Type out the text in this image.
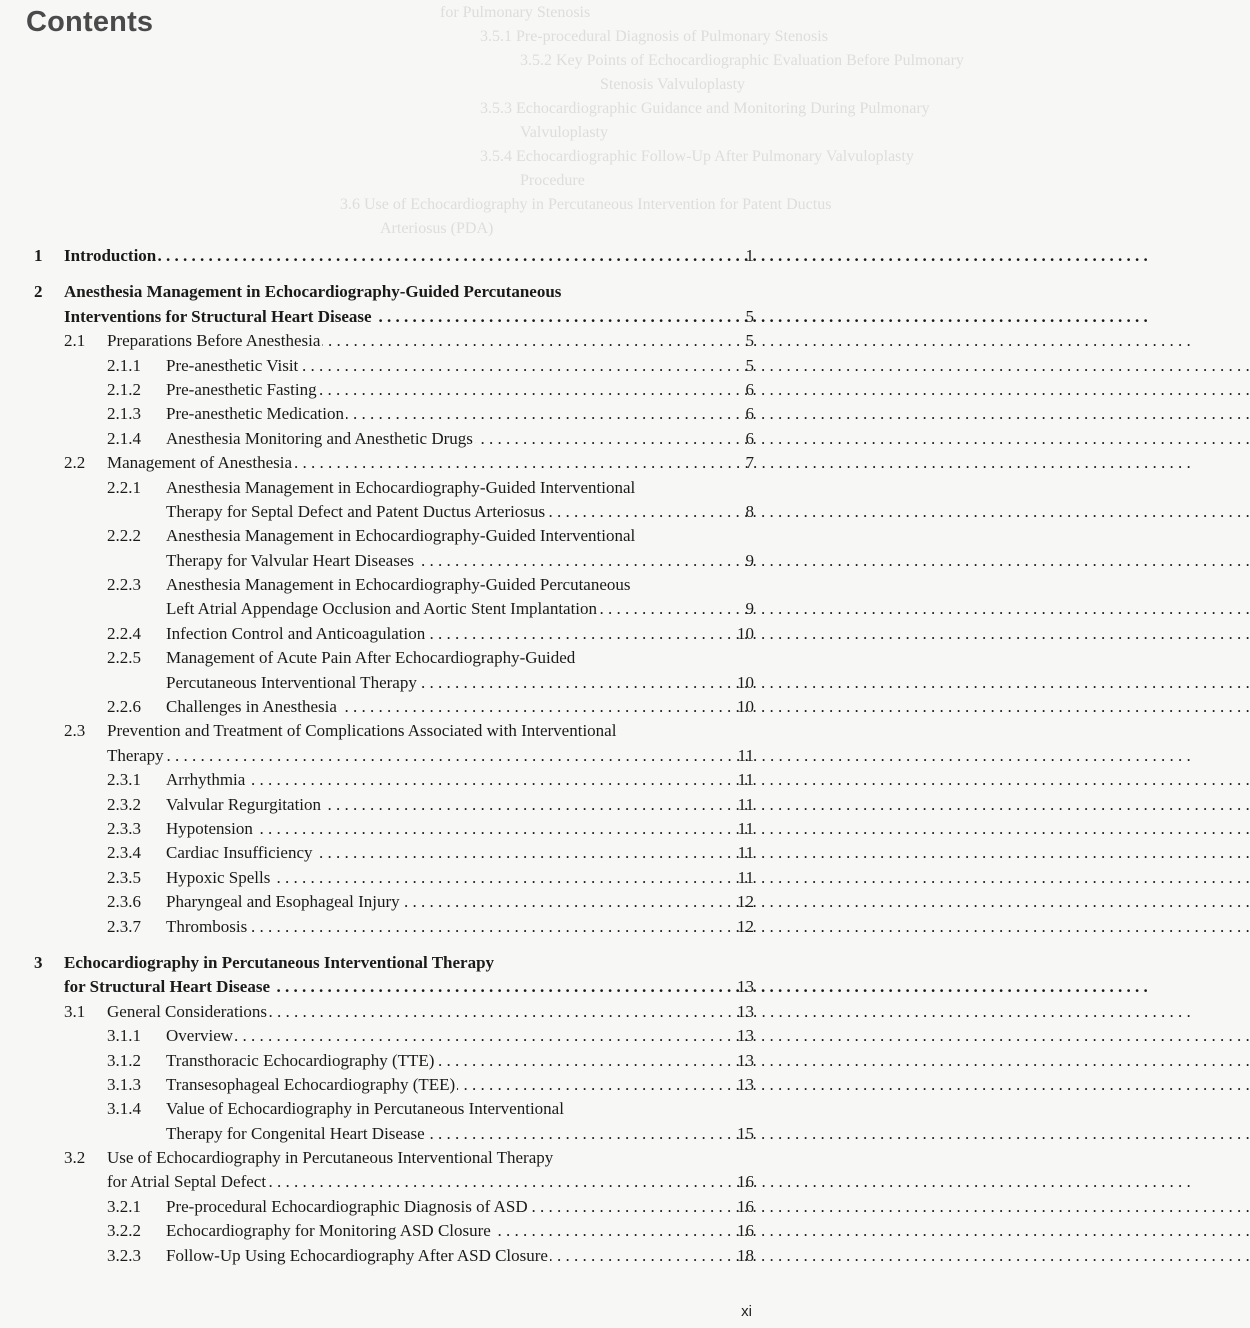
Contents	for Pulmonary Stenosis
3.5.1 Pre-procedural Diagnosis of Pulmonary Stenosis
3.5.2 Key Points of Echocardiographic Evaluation Before Pulmonary
Stenosis Valvuloplasty
3.5.3 Echocardiographic Guidance and Monitoring During Pulmonary
Valvuloplasty
3.5.4 Echocardiographic Follow-Up After Pulmonary Valvuloplasty
Procedure
3.6 Use of Echocardiography in Percutaneous Intervention for Patent Ductus
Arteriosus (PDA)
1 Introduction . . .	1
2 Anesthesia Management in Echocardiography-Guided Percutaneous
Interventions for Structural Heart Disease . . .	5
2.1 Preparations Before Anesthesia . . .	5
2.1.1 Pre-anesthetic Visit . . .	5
2.1.2 Pre-anesthetic Fasting . . .	6
2.1.3 Pre-anesthetic Medication . . .	6
2.1.4 Anesthesia Monitoring and Anesthetic Drugs . . .	6
2.2 Management of Anesthesia . . .	7
2.2.1 Anesthesia Management in Echocardiography-Guided Interventional
Therapy for Septal Defect and Patent Ductus Arteriosus . . .	8
2.2.2 Anesthesia Management in Echocardiography-Guided Interventional
Therapy for Valvular Heart Diseases . . .	9
2.2.3 Anesthesia Management in Echocardiography-Guided Percutaneous
Left Atrial Appendage Occlusion and Aortic Stent Implantation . . .	9
2.2.4 Infection Control and Anticoagulation . . .	10
2.2.5 Management of Acute Pain After Echocardiography-Guided
Percutaneous Interventional Therapy . . .	10
2.2.6 Challenges in Anesthesia . . .	10
2.3 Prevention and Treatment of Complications Associated with Interventional
Therapy . . .	11
2.3.1 Arrhythmia . . .	11
2.3.2 Valvular Regurgitation . . .	11
2.3.3 Hypotension . . .	11
2.3.4 Cardiac Insufficiency . . .	11
2.3.5 Hypoxic Spells . . .	11
2.3.6 Pharyngeal and Esophageal Injury . . .	12
2.3.7 Thrombosis . . .	12
3 Echocardiography in Percutaneous Interventional Therapy
for Structural Heart Disease . . .	13
3.1 General Considerations . . .	13
3.1.1 Overview . . .	13
3.1.2 Transthoracic Echocardiography (TTE) . . .	13
3.1.3 Transesophageal Echocardiography (TEE) . . .	13
3.1.4 Value of Echocardiography in Percutaneous Interventional
Therapy for Congenital Heart Disease . . .	15
3.2 Use of Echocardiography in Percutaneous Interventional Therapy
for Atrial Septal Defect . . .	16
3.2.1 Pre-procedural Echocardiographic Diagnosis of ASD . . .	16
3.2.2 Echocardiography for Monitoring ASD Closure . . .	16
3.2.3 Follow-Up Using Echocardiography After ASD Closure . . .	18
xi
